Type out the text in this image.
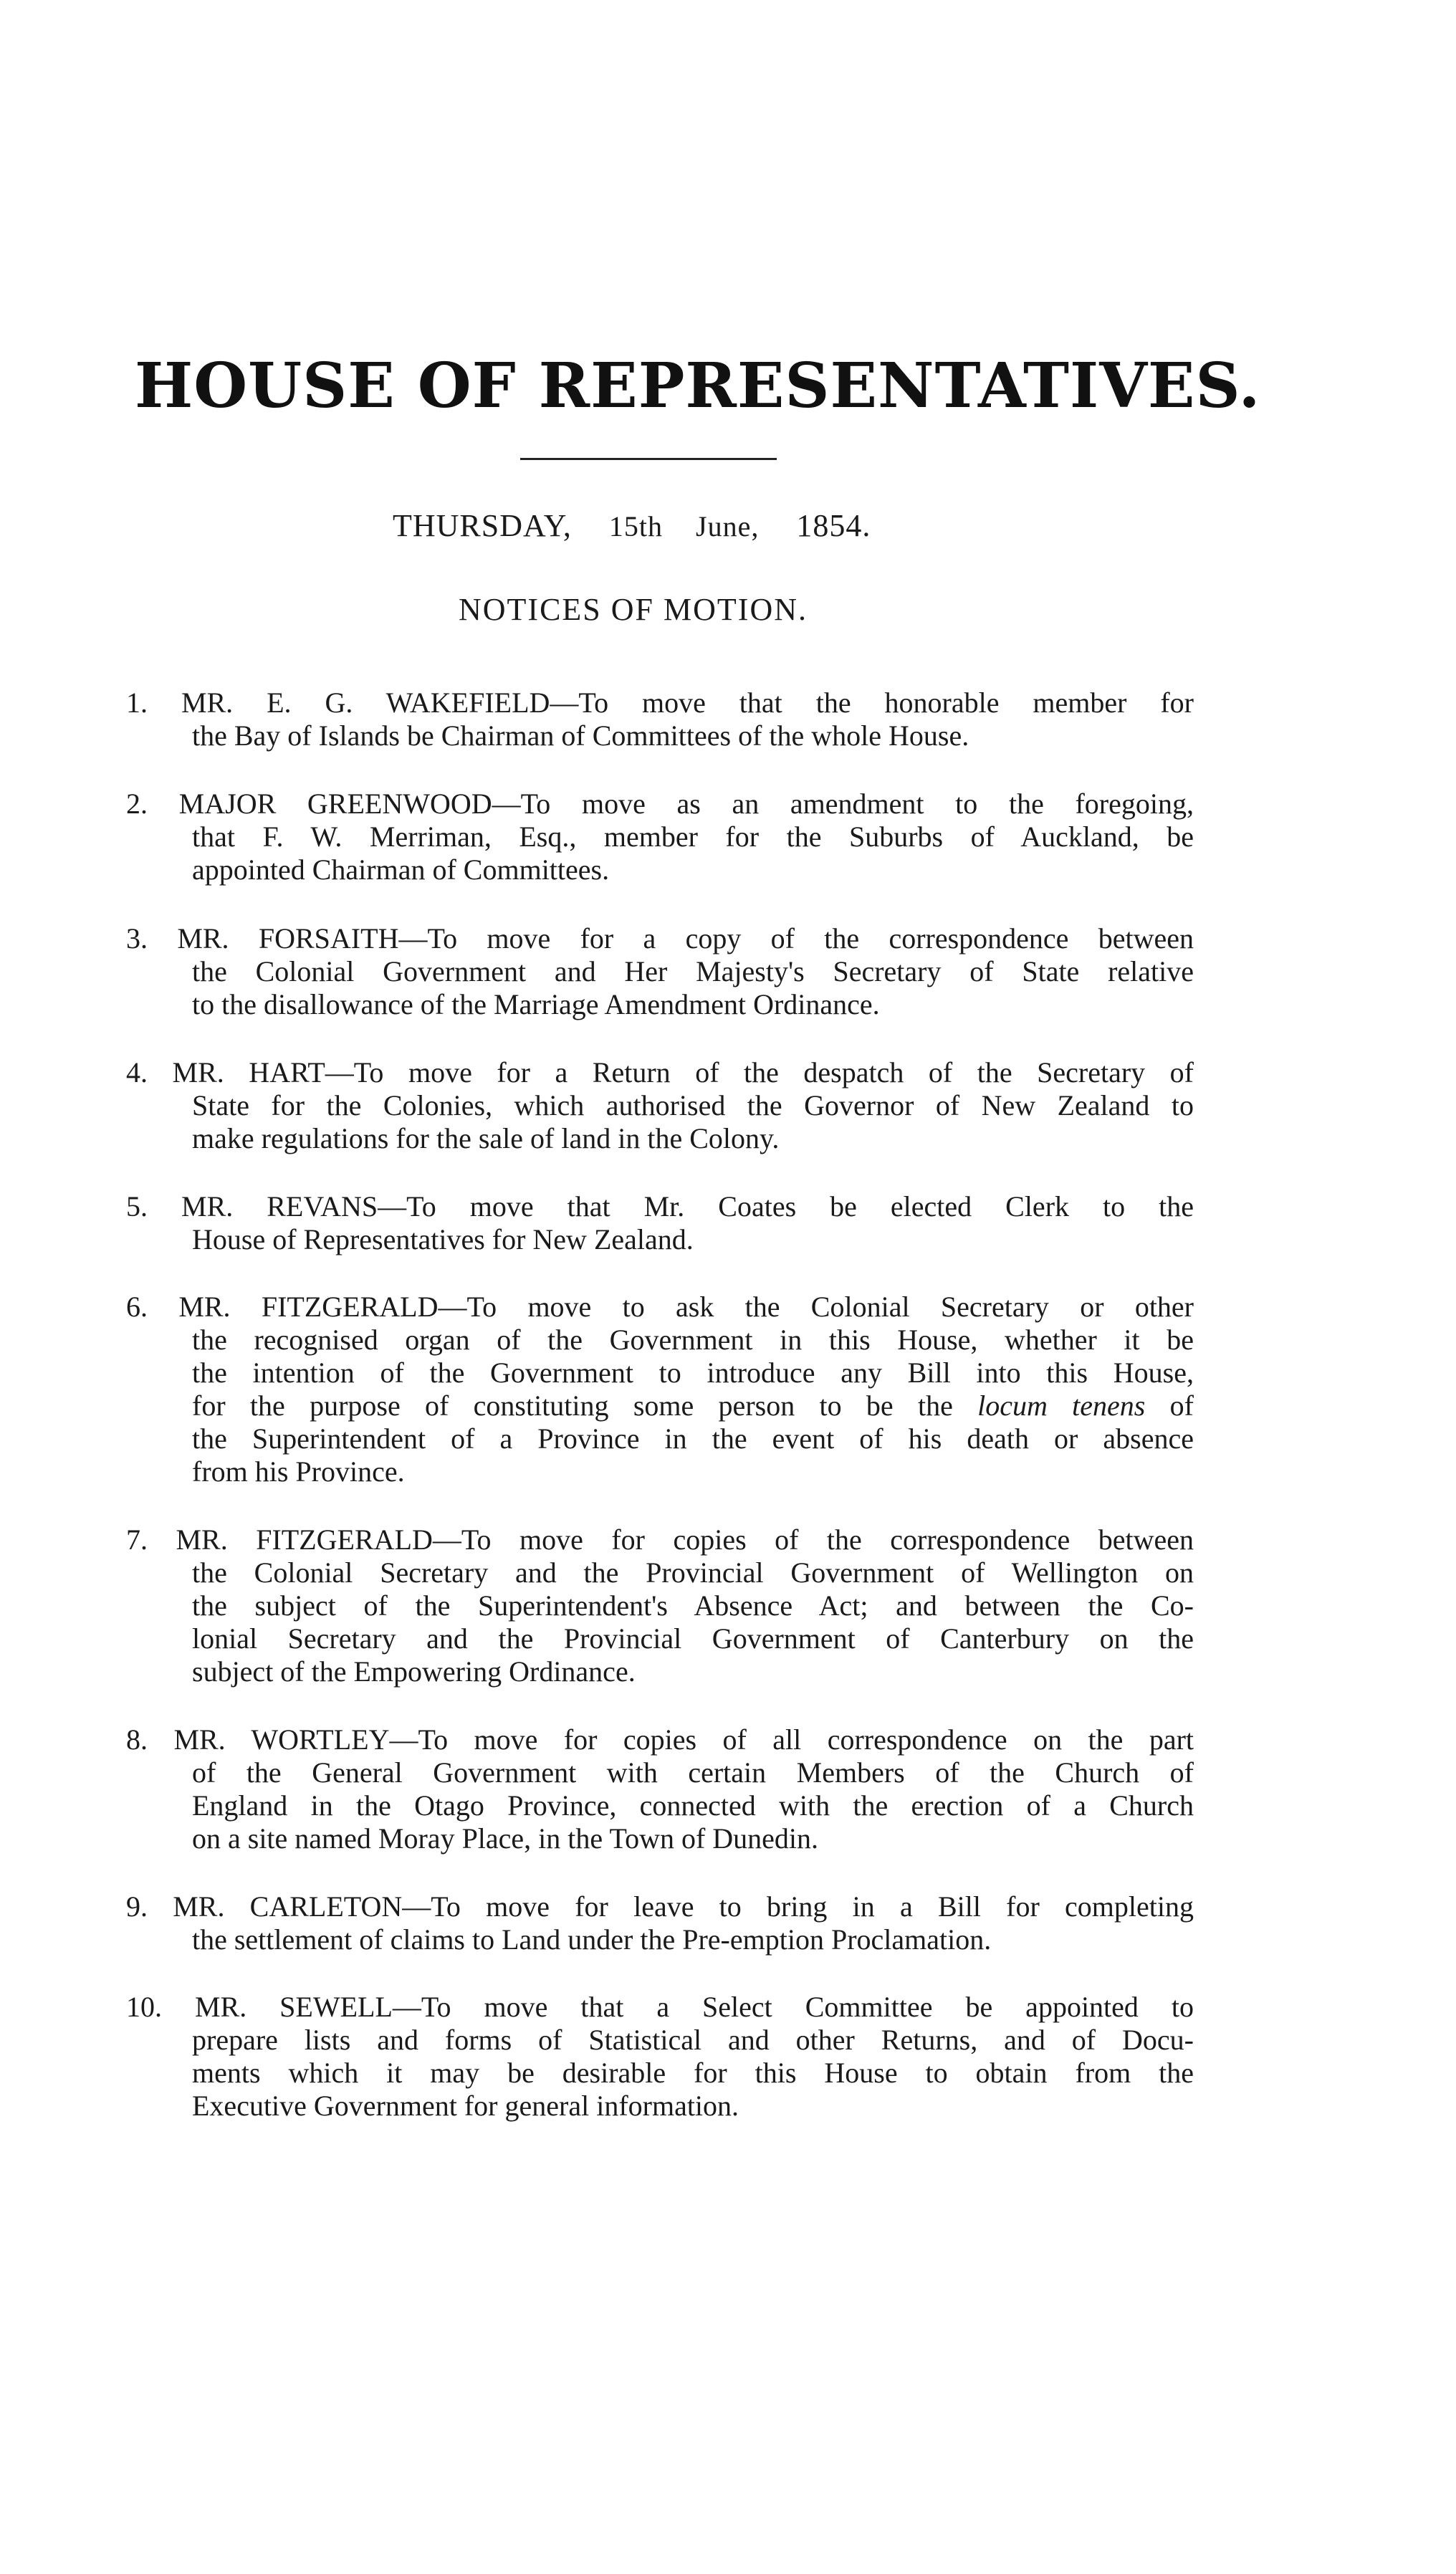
HOUSE OF REPRESENTATIVES.
THURSDAY, 15th June, 1854.
NOTICES OF MOTION.
1. MR. E. G. WAKEFIELD—To move that the honorable member for
the Bay of Islands be Chairman of Committees of the whole House.
2. MAJOR GREENWOOD—To move as an amendment to the foregoing,
that F. W. Merriman, Esq., member for the Suburbs of Auckland, be
appointed Chairman of Committees.
3. MR. FORSAITH—To move for a copy of the correspondence between
the Colonial Government and Her Majesty's Secretary of State relative
to the disallowance of the Marriage Amendment Ordinance.
4. MR. HART—To move for a Return of the despatch of the Secretary of
State for the Colonies, which authorised the Governor of New Zealand to
make regulations for the sale of land in the Colony.
5. MR. REVANS—To move that Mr. Coates be elected Clerk to the
House of Representatives for New Zealand.
6. MR. FITZGERALD—To move to ask the Colonial Secretary or other
the recognised organ of the Government in this House, whether it be
the intention of the Government to introduce any Bill into this House,
for the purpose of constituting some person to be the locum tenens of
the Superintendent of a Province in the event of his death or absence
from his Province.
7. MR. FITZGERALD—To move for copies of the correspondence between
the Colonial Secretary and the Provincial Government of Wellington on
the subject of the Superintendent's Absence Act; and between the Co-
lonial Secretary and the Provincial Government of Canterbury on the
subject of the Empowering Ordinance.
8. MR. WORTLEY—To move for copies of all correspondence on the part
of the General Government with certain Members of the Church of
England in the Otago Province, connected with the erection of a Church
on a site named Moray Place, in the Town of Dunedin.
9. MR. CARLETON—To move for leave to bring in a Bill for completing
the settlement of claims to Land under the Pre-emption Proclamation.
10. MR. SEWELL—To move that a Select Committee be appointed to
prepare lists and forms of Statistical and other Returns, and of Docu-
ments which it may be desirable for this House to obtain from the
Executive Government for general information.
